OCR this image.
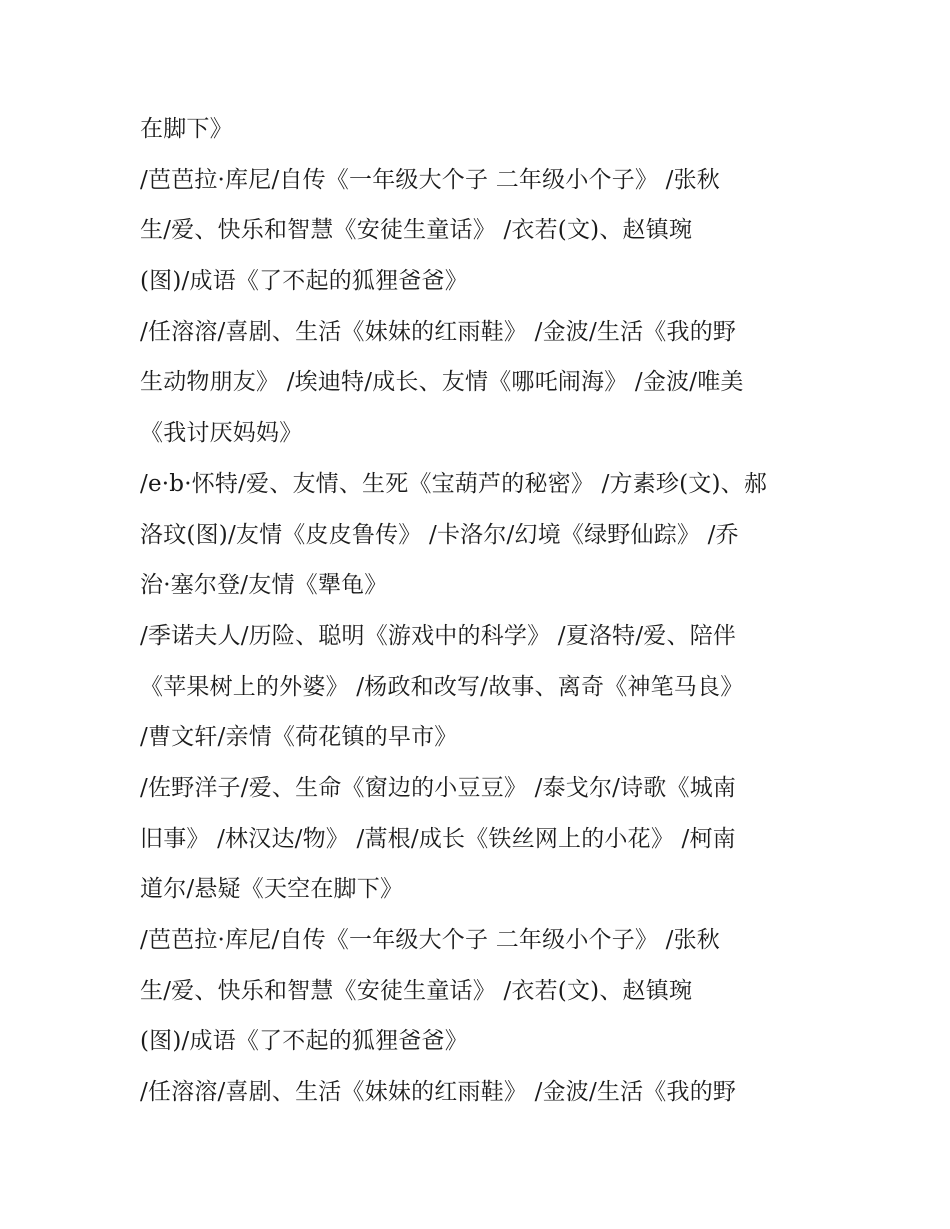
在脚下》
/芭芭拉·库尼/自传《一年级大个子 二年级小个子》 /张秋
生/爱、快乐和智慧《安徒生童话》 /衣若(文)、赵镇琬
(图)/成语《了不起的狐狸爸爸》
/任溶溶/喜剧、生活《妹妹的红雨鞋》 /金波/生活《我的野
生动物朋友》 /埃迪特/成长、友情《哪吒闹海》 /金波/唯美
《我讨厌妈妈》
/e·b·怀特/爱、友情、生死《宝葫芦的秘密》 /方素珍(文)、郝
洛玟(图)/友情《皮皮鲁传》 /卡洛尔/幻境《绿野仙踪》 /乔
治·塞尔登/友情《犟龟》
/季诺夫人/历险、聪明《游戏中的科学》 /夏洛特/爱、陪伴
《苹果树上的外婆》 /杨政和改写/故事、离奇《神笔马良》
/曹文轩/亲情《荷花镇的早市》
/佐野洋子/爱、生命《窗边的小豆豆》 /泰戈尔/诗歌《城南
旧事》 /林汉达/物》 /蒿根/成长《铁丝网上的小花》 /柯南
道尔/悬疑《天空在脚下》
/芭芭拉·库尼/自传《一年级大个子 二年级小个子》 /张秋
生/爱、快乐和智慧《安徒生童话》 /衣若(文)、赵镇琬
(图)/成语《了不起的狐狸爸爸》
/任溶溶/喜剧、生活《妹妹的红雨鞋》 /金波/生活《我的野
